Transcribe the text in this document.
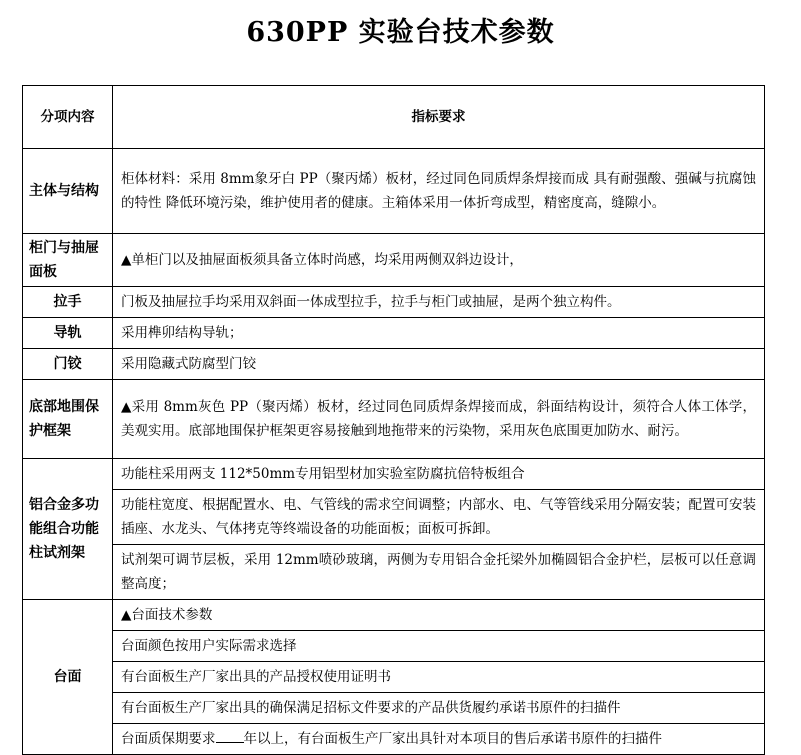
630PP 实验台技术参数
分项内容	指标要求
主体与结构	柜体材料：采用 8mm象牙白 PP（聚丙烯）板材，经过同色同质焊条焊接而成 具有耐强酸、强碱与抗腐蚀的特性 降低环境污染，维护使用者的健康。主箱体采用一体折弯成型，精密度高，缝隙小。
柜门与抽屉面板	▲单柜门以及抽屉面板须具备立体时尚感，均采用两侧双斜边设计，
拉手	门板及抽屉拉手均采用双斜面一体成型拉手，拉手与柜门或抽屉，是两个独立构件。
导轨	采用榫卯结构导轨；
门铰	采用隐藏式防腐型门铰
底部地围保护框架	▲采用 8mm灰色 PP（聚丙烯）板材，经过同色同质焊条焊接而成，斜面结构设计，须符合人体工体学，美观实用。底部地围保护框架更容易接触到地拖带来的污染物，采用灰色底围更加防水、耐污。
铝合金多功能组合功能柱试剂架	功能柱采用两支 112*50mm专用铝型材加实验室防腐抗倍特板组合
	功能柱宽度、根据配置水、电、气管线的需求空间调整；内部水、电、气等管线采用分隔安装；配置可安装插座、水龙头、气体拷克等终端设备的功能面板；面板可拆卸。
	试剂架可调节层板，采用 12mm喷砂玻璃，两侧为专用铝合金托梁外加椭圆铝合金护栏，层板可以任意调整高度；
台面	▲台面技术参数
	台面颜色按用户实际需求选择
	有台面板生产厂家出具的产品授权使用证明书
	有台面板生产厂家出具的确保满足招标文件要求的产品供货履约承诺书原件的扫描件
	台面质保期要求 年以上，有台面板生产厂家出具针对本项目的售后承诺书原件的扫描件
